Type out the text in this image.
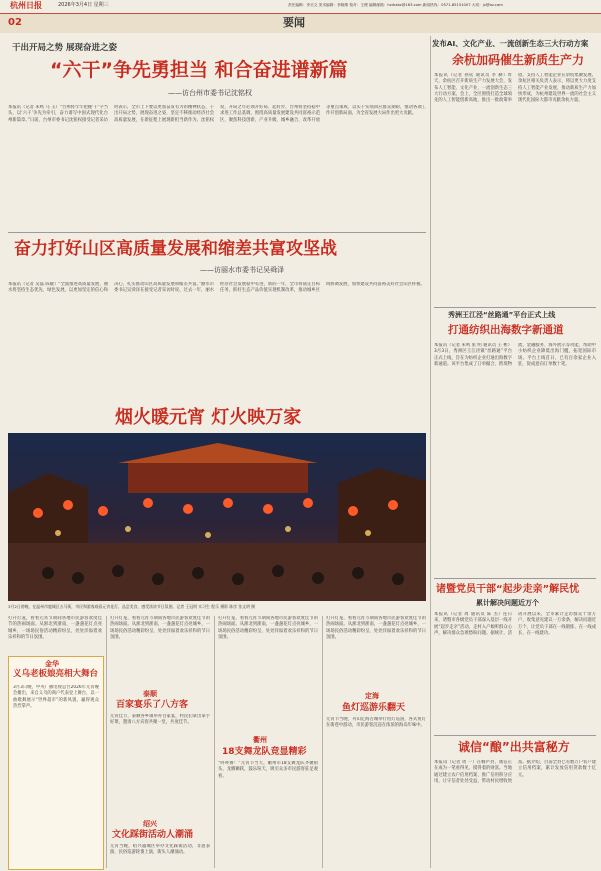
杭州日报	2026年3月4日 星期三	责任编辑：李丕文 美术编辑：李婉维 校对：王俊 编辑邮箱：hzrbzbz@163.com 新闻热线：0571-85151007 大同：jz@bz.com
02	要闻
干出开局之势 展现奋进之姿
“六干”争先勇担当 和合奋进谱新篇
——访台州市委书记沈铭权
本报讯（记者 朱鸣 马 玉）“台州将牢牢把握‘干’字当头，以‘六干’争先为牵引，奋力谱写中国式现代化台州新篇章。”日前，台州市委书记沈铭权接受记者采访时表示，全市上下要以更加奋发有为的精神状态，干出开局之势，展现奋进之姿，坚定不移推动经济社会高质量发展，在新征程上展现新担当新作为。沈铭权说，开局之年必须开好局、起好步，台州将坚持稳中求进工作总基调，围绕高质量发展建设共同富裕示范区，聚焦科技创新、产业升级、城乡融合、改革开放等重点领域，以实干实绩回应群众期盼，推动各项工作开创新局面，为全省发展大局作出更大贡献。
奋力打好山区高质量发展和缩差共富攻坚战
——访丽水市委书记吴舜泽
本报讯（记者 吴磊 陈敏）“全面推进高质量发展，丽水将坚持生态优先、绿色发展，以更加坚定的信心和决心，扎实推动山区高质量发展和缩差共富。”丽水市委书记吴舜泽在接受记者采访时说，过去一年，丽水经济社会发展稳中有进，新的一年，全市将锚定目标任务，抓好生态产品价值实现机制改革，推动城乡区域协调发展，加快建设共同富裕美好社会山区样板。
烟火暖元宵 灯火映万家
3月2日傍晚，在温州市鹿城区五马街，市民和游客观看元宵花灯、品尝美食，感受浓浓节日氛围。记者 王冠明 实习生 程乐 摄影 陈彦 张文明 摄
打开灯笼，看看元宵节期间各地市民游客欢度佳节的热闹场面。从浙北到浙南，一盏盏花灯点亮城乡，一场场民俗活动精彩纷呈，处处洋溢着欢乐祥和的节日氛围。
金华
义乌老板娘亮相大舞台
3月3日晚，中央广播电视总台2026年元宵晚会播出，来自义乌的商户代表登上舞台，以一曲歌舞展示“世界超市”的新风貌，赢得观众热烈掌声。
打开灯笼，看看元宵节期间各地市民游客欢度佳节的热闹场面。从浙北到浙南，一盏盏花灯点亮城乡，一场场民俗活动精彩纷呈，处处洋溢着欢乐祥和的节日氛围。
泰顺
百家宴乐了八方客
元宵佳节，泰顺各乡镇举办百家宴，村民们拿出拿手好菜，邀请八方宾客共聚一堂，共度佳节。
绍兴
文化踩街活动人潮涌
元宵当晚，绍兴越城区举办文化踩街活动，非遗表演、民俗巡游轮番上演，街头人潮涌动。
打开灯笼，看看元宵节期间各地市民游客欢度佳节的热闹场面。从浙北到浙南，一盏盏花灯点亮城乡，一场场民俗活动精彩纷呈，处处洋溢着欢乐祥和的节日氛围。
衢州
18支舞龙队竞显精彩
“咚咚锵！”元宵节当天，衢州市18支舞龙队齐聚街头，龙腾狮跃，鼓乐喧天，吸引众多市民游客驻足观看。
打开灯笼，看看元宵节期间各地市民游客欢度佳节的热闹场面。从浙北到浙南，一盏盏花灯点亮城乡，一场场民俗活动精彩纷呈，处处洋溢着欢乐祥和的节日氛围。
定海
鱼灯巡游乐翻天
元宵节当晚，舟山定海古城举行鱼灯巡游，各式鱼灯在街巷中游动，市民游客沉浸在浓浓的海岛年味中。
发布AI、文化产业、一流创新生态三大行动方案
余杭加码催生新质生产力
本报讯（记者 孙钦 通讯员 李 赫）昨天，余杭区召开新质生产力发展大会，发布人工智能、文化产业、一流创新生态三大行动方案。会上，全区围绕打造全球领先的人工智能创新高地，推出一批政策举措，支持人工智能企业在余杭集聚发展。余杭区相关负责人表示，将以更大力度支持人工智能产业发展，推动新质生产力加快形成，为杭州建设世界一流的社会主义现代化国际大都市贡献余杭力量。
秀洲王江泾“丝路通”平台正式上线
打通纺织出海数字新通道
本报讯（记者 朱鸣 张 明 通讯员 王 彬）3月3日，秀洲区王江泾镇“丝路通”平台正式上线，旨在为纺织企业打通出海数字新通道。该平台集成了订单撮合、跨境物流、金融服务、海外展示等功能，帮助中小纺织企业降低出海门槛，拓宽国际市场。平台上线首日，已有百余家企业入驻，促成意向订单数十笔。
诸暨党员干部“起步走亲”解民忧
累计解决问题近万个
本报讯（记者 周 通讯员 陈 杰）连日来，诸暨市各级党员干部深入基层一线开展“起步走亲”活动，走村入户倾听群众心声，解决群众急难愁盼问题。据统计，活动开展以来，全市累计走访群众十余万户，收集意见建议一万余条，解决问题近万个，让党员干部在一线锻炼、在一线成长、在一线建功。
诚信“酿”出共富秘方
本报讯（记者 周 一）在桐庐县，诚信正在成为一笔看得见、摸得着的财富。当地通过建立农户信用档案、推广信用积分应用，让守信者处处受益，带动村民增收致富。据介绍，目前全县已有数万户农户建立信用档案，累计发放信用贷款数十亿元。
